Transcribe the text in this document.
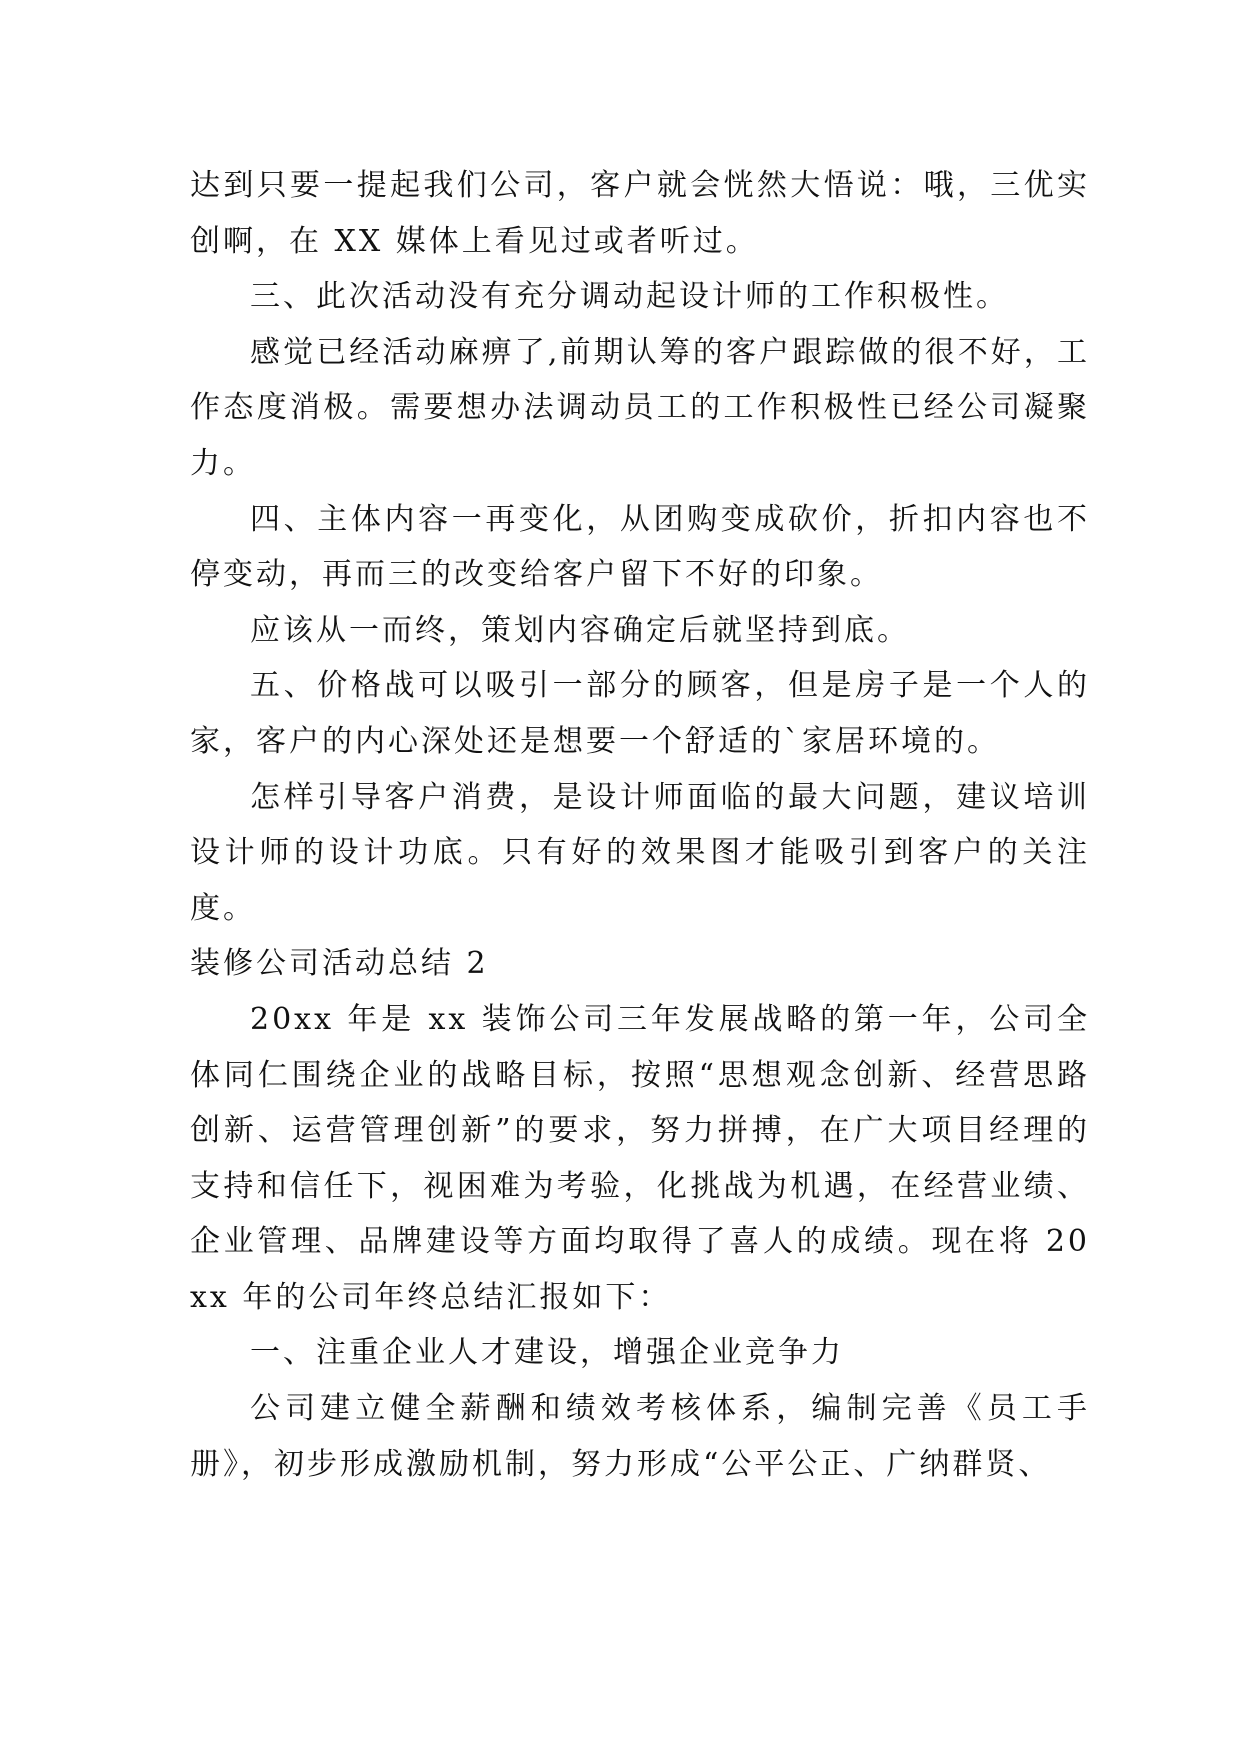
达到只要一提起我们公司，客户就会恍然大悟说：哦，三优实创啊，在 XX 媒体上看见过或者听过。

三、此次活动没有充分调动起设计师的工作积极性。

感觉已经活动麻痹了,前期认筹的客户跟踪做的很不好，工作态度消极。需要想办法调动员工的工作积极性已经公司凝聚力。

四、主体内容一再变化，从团购变成砍价，折扣内容也不停变动，再而三的改变给客户留下不好的印象。

应该从一而终，策划内容确定后就坚持到底。

五、价格战可以吸引一部分的顾客，但是房子是一个人的家，客户的内心深处还是想要一个舒适的`家居环境的。

怎样引导客户消费，是设计师面临的最大问题，建议培训设计师的设计功底。只有好的效果图才能吸引到客户的关注度。

装修公司活动总结 2

20xx 年是 xx 装饰公司三年发展战略的第一年，公司全体同仁围绕企业的战略目标，按照“思想观念创新、经营思路创新、运营管理创新”的要求，努力拼搏，在广大项目经理的支持和信任下，视困难为考验，化挑战为机遇，在经营业绩、企业管理、品牌建设等方面均取得了喜人的成绩。现在将 20xx 年的公司年终总结汇报如下：

一、注重企业人才建设，增强企业竞争力

公司建立健全薪酬和绩效考核体系，编制完善《员工手册》，初步形成激励机制，努力形成“公平公正、广纳群贤、
